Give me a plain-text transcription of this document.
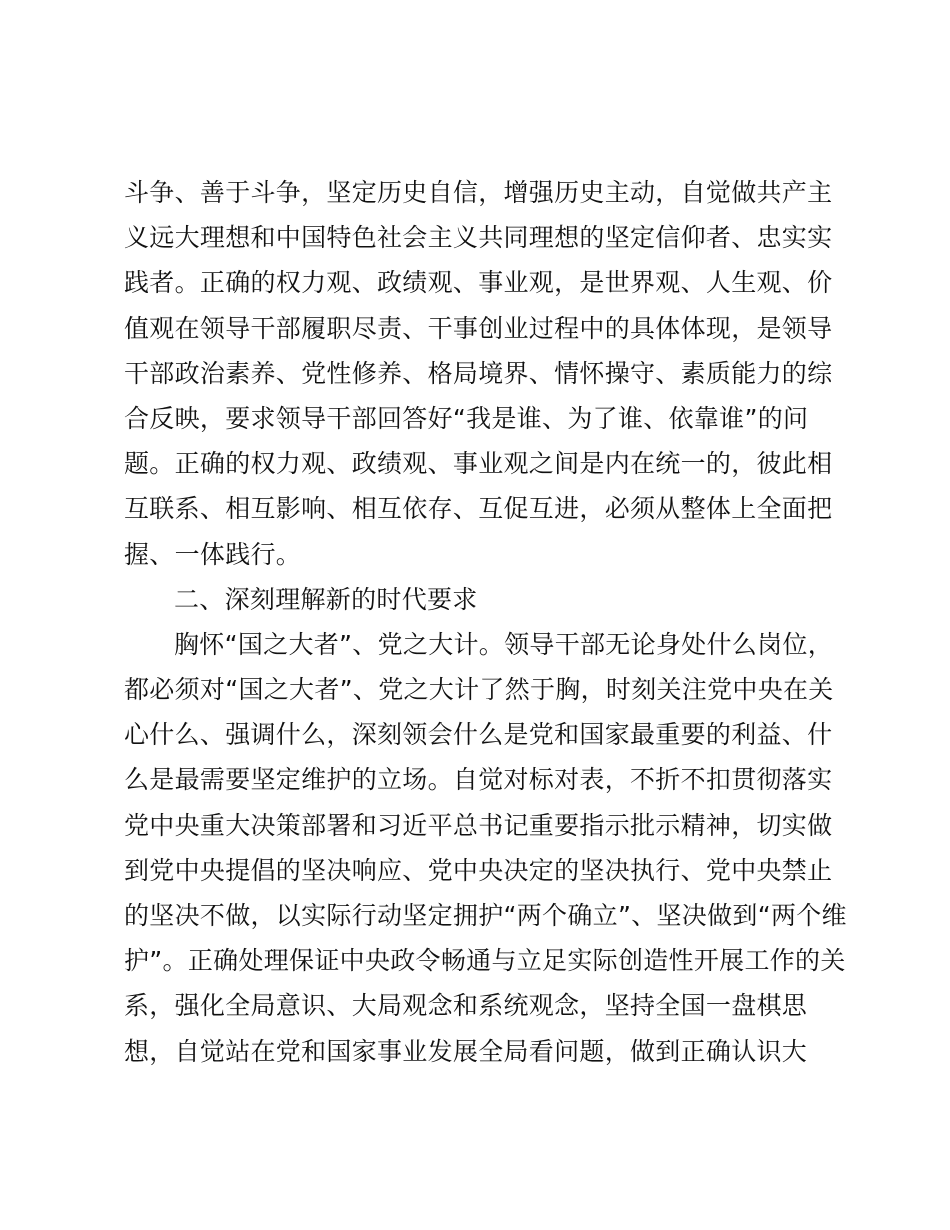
斗争、善于斗争，坚定历史自信，增强历史主动，自觉做共产主
义远大理想和中国特色社会主义共同理想的坚定信仰者、忠实实
践者。正确的权力观、政绩观、事业观，是世界观、人生观、价
值观在领导干部履职尽责、干事创业过程中的具体体现，是领导
干部政治素养、党性修养、格局境界、情怀操守、素质能力的综
合反映，要求领导干部回答好“我是谁、为了谁、依靠谁”的问
题。正确的权力观、政绩观、事业观之间是内在统一的，彼此相
互联系、相互影响、相互依存、互促互进，必须从整体上全面把
握、一体践行。
二、深刻理解新的时代要求
胸怀“国之大者”、党之大计。领导干部无论身处什么岗位，
都必须对“国之大者”、党之大计了然于胸，时刻关注党中央在关
心什么、强调什么，深刻领会什么是党和国家最重要的利益、什
么是最需要坚定维护的立场。自觉对标对表，不折不扣贯彻落实
党中央重大决策部署和习近平总书记重要指示批示精神，切实做
到党中央提倡的坚决响应、党中央决定的坚决执行、党中央禁止
的坚决不做，以实际行动坚定拥护“两个确立”、坚决做到“两个维
护”。正确处理保证中央政令畅通与立足实际创造性开展工作的关
系，强化全局意识、大局观念和系统观念，坚持全国一盘棋思
想，自觉站在党和国家事业发展全局看问题，做到正确认识大
